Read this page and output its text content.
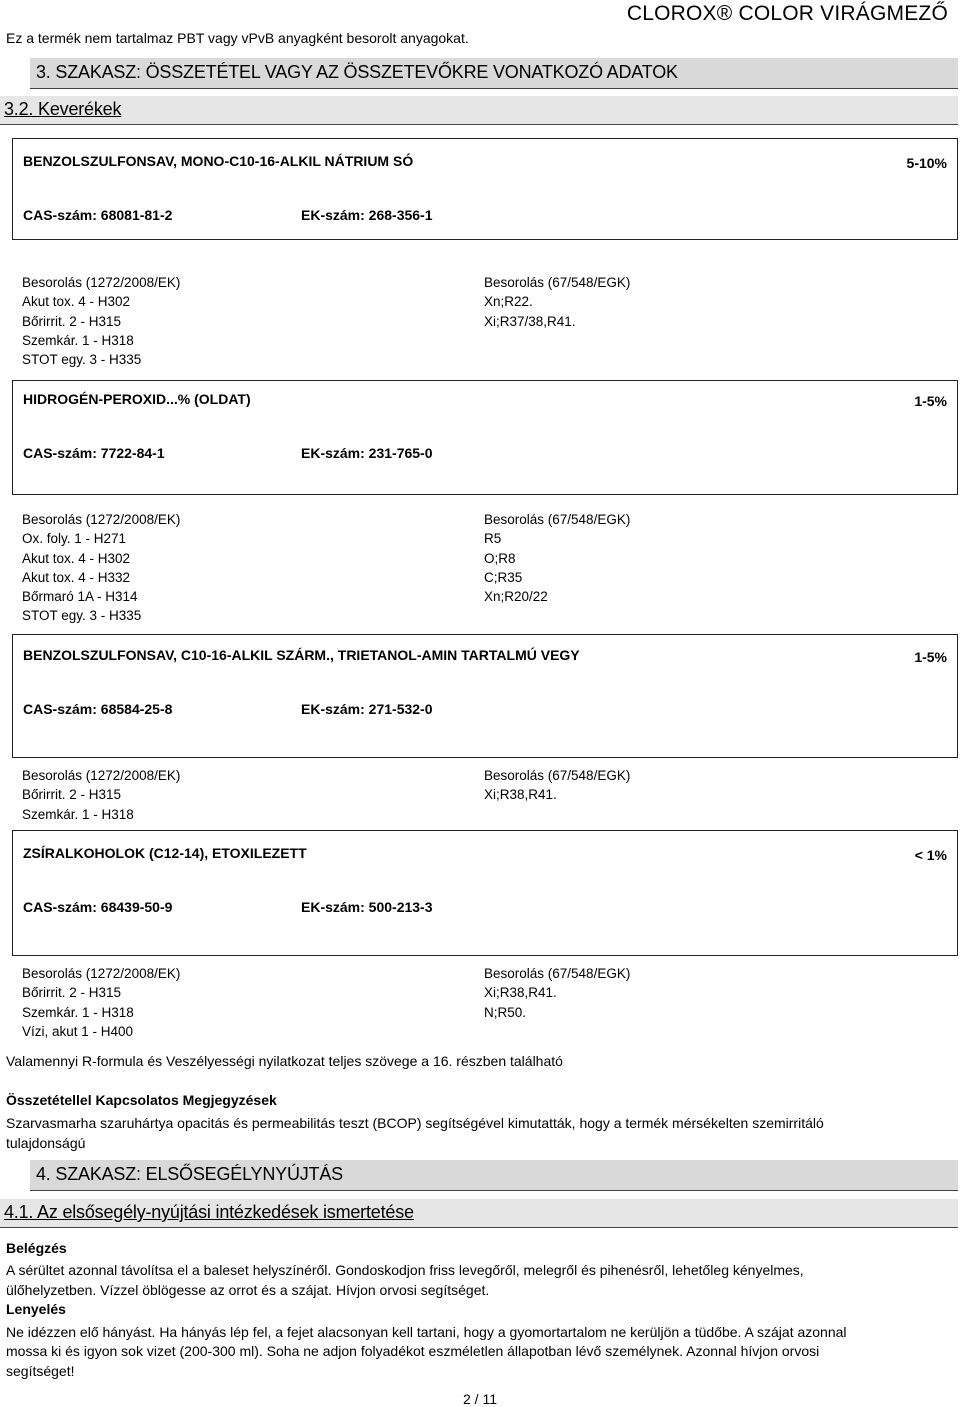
CLOROX® COLOR VIRÁGMEZŐ
Ez a termék nem tartalmaz PBT vagy vPvB anyagként besorolt anyagokat.
3. SZAKASZ: ÖSSZETÉTEL VAGY AZ ÖSSZETEVŐKRE VONATKOZÓ ADATOK
3.2. Keverékek
BENZOLSZULFONSAV, MONO-C10-16-ALKIL NÁTRIUM SÓ	5-10%
CAS-szám: 68081-81-2	EK-szám: 268-356-1
Besorolás (1272/2008/EK)
Akut tox. 4 - H302
Bőrirrit. 2 - H315
Szemkár. 1 - H318
STOT egy. 3 - H335
Besorolás (67/548/EGK)
Xn;R22.
Xi;R37/38,R41.
HIDROGÉN-PEROXID...% (OLDAT)	1-5%
CAS-szám: 7722-84-1	EK-szám: 231-765-0
Besorolás (1272/2008/EK)
Ox. foly. 1 - H271
Akut tox. 4 - H302
Akut tox. 4 - H332
Bőrmaró 1A - H314
STOT egy. 3 - H335
Besorolás (67/548/EGK)
R5
O;R8
C;R35
Xn;R20/22
BENZOLSZULFONSAV, C10-16-ALKIL SZÁRM., TRIETANOL-AMIN TARTALMÚ VEGY	1-5%
CAS-szám: 68584-25-8	EK-szám: 271-532-0
Besorolás (1272/2008/EK)
Bőrirrit. 2 - H315
Szemkár. 1 - H318
Besorolás (67/548/EGK)
Xi;R38,R41.
ZSÍRALKOHOLOK (C12-14), ETOXILEZETT	< 1%
CAS-szám: 68439-50-9	EK-szám: 500-213-3
Besorolás (1272/2008/EK)
Bőrirrit. 2 - H315
Szemkár. 1 - H318
Vízi, akut 1 - H400
Besorolás (67/548/EGK)
Xi;R38,R41.
N;R50.
Valamennyi R-formula és Veszélyességi nyilatkozat teljes szövege a 16. részben található
Összetétellel Kapcsolatos Megjegyzések
Szarvasmarha szaruhártya opacitás és permeabilitás teszt (BCOP) segítségével kimutatták, hogy a termék mérsékelten szemirritáló
tulajdonságú
4. SZAKASZ: ELSŐSEGÉLYNYÚJTÁS
4.1. Az elsősegély-nyújtási intézkedések ismertetése
Belégzés
A sérültet azonnal távolítsa el a baleset helyszínéről. Gondoskodjon friss levegőről, melegről és pihenésről, lehetőleg kényelmes,
ülőhelyzetben. Vízzel öblögesse az orrot és a szájat. Hívjon orvosi segítséget.
Lenyelés
Ne idézzen elő hányást. Ha hányás lép fel, a fejet alacsonyan kell tartani, hogy a gyomortartalom ne kerüljön a tüdőbe. A szájat azonnal
mossa ki és igyon sok vizet (200-300 ml). Soha ne adjon folyadékot eszméletlen állapotban lévő személynek. Azonnal hívjon orvosi
segítséget!
2 / 11
